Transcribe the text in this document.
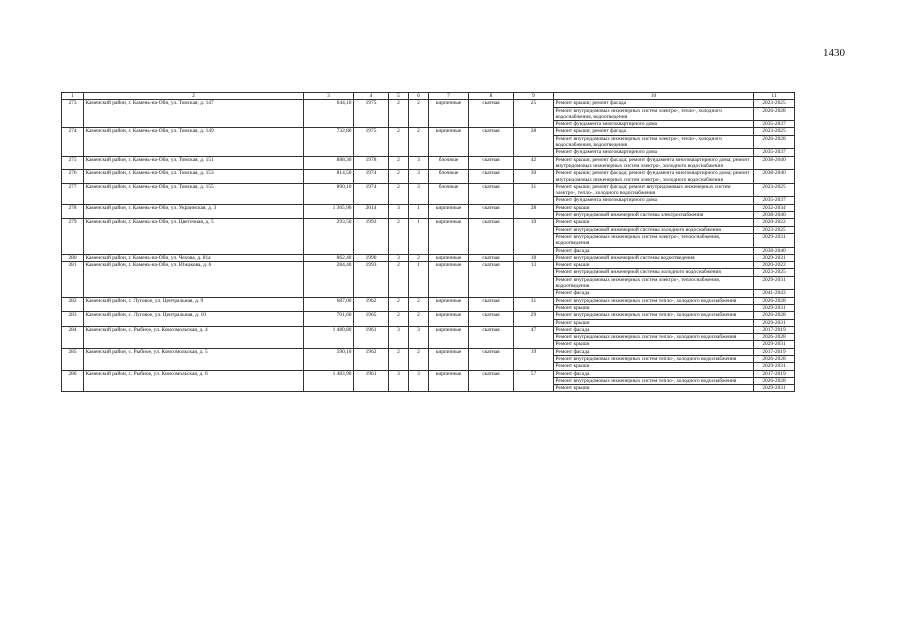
1430
1	2	3	4	5	6	7	8	9	10	11
273	Каменский район, г. Камень-на-Оби, ул. Томская, д. 147	644,10	1975	2	2	кирпичные	скатная	25	Ремонт крыши; ремонт фасада	2023-2025
									Ремонт внутридомовых инженерных систем электро-, тепло-, холодного водоснабжения, водоотведения	2026-2028
									Ремонт фундамента многоквартирного дома	2035-2037
274	Каменский район, г. Камень-на-Оби, ул. Томская, д. 149	732,80	1975	2	2	кирпичные	скатная	28	Ремонт крыши; ремонт фасада	2023-2025
									Ремонт внутридомовых инженерных систем электро-, тепло-, холодного водоснабжения, водоотведения	2026-2028
									Ремонт фундамента многоквартирного дома	2035-2037
275	Каменский район, г. Камень-на-Оби, ул. Томская, д. 151	888,30	1978	2	3	блочные	скатная	42	Ремонт крыши; ремонт фасада; ремонт фундамента многоквартирного дома; ремонт внутридомовых инженерных систем электро-, холодного водоснабжения	2038-2040
276	Каменский район, г. Камень-на-Оби, ул. Томская, д. 153	814,50	1974	2	3	блочные	скатная	30	Ремонт крыши; ремонт фасада; ремонт фундамента многоквартирного дома; ремонт внутридомовых инженерных систем электро-, холодного водоснабжения	2038-2040
277	Каменский район, г. Камень-на-Оби, ул. Томская, д. 155	890,10	1974	2	3	блочные	скатная	31	Ремонт крыши; ремонт фасада; ремонт внутридомовых инженерных систем электро-, тепло-, холодного водоснабжения	2023-2025
									Ремонт фундамента многоквартирного дома	2035-2037
278	Каменский район, г. Камень-на-Оби, ул. Украинская, д. 3	1 365,90	2014	3	1	кирпичные	скатная	28	Ремонт крыши	2032-2034
									Ремонт внутридомовой инженерной системы электроснабжения	2038-2040
279	Каменский район, г. Камень-на-Оби, ул. Цветочная, д. 5	293,50	1993	2	1	кирпичные	скатная	10	Ремонт крыши	2020-2022
									Ремонт внутридомовой инженерной системы холодного водоснабжения	2023-2025
									Ремонт внутридомовых инженерных систем электро-, теплоснабжения, водоотведения	2029-2031
									Ремонт фасада	2038-2040
280	Каменский район, г. Камень-на-Оби, ул. Чехова, д. 81а	862,40	1990	3	2	кирпичные	скатная	18	Ремонт внутридомовой инженерной системы водоотведения	2029-2031
281	Каменский район, г. Камень-на-Оби, ул. Южакова, д. 6	284,40	1993	2	1	кирпичные	скатная	13	Ремонт крыши	2020-2022
									Ремонт внутридомовой инженерной системы холодного водоснабжения	2023-2025
									Ремонт внутридомовых инженерных систем электро-, теплоснабжения, водоотведения	2029-2031
									Ремонт фасада	2041-2043
282	Каменский район, с. Луговое, ул. Центральная, д. 9	687,00	1962	2	2	кирпичные	скатная	31	Ремонт внутридомовых инженерных систем тепло-, холодного водоснабжения	2026-2028
									Ремонт крыши	2029-2031
283	Каменский район, с. Луговое, ул. Центральная, д. 10	701,60	1965	2	2	кирпичные	скатная	29	Ремонт внутридомовых инженерных систем тепло-, холодного водоснабжения	2026-2028
									Ремонт крыши	2029-2031
284	Каменский район, с. Рыбное, ул. Комсомольская, д. 4	1 480,80	1961	3	3	кирпичные	скатная	47	Ремонт фасада	2017-2019
									Ремонт внутридомовых инженерных систем тепло-, холодного водоснабжения	2026-2028
									Ремонт крыши	2029-2031
285	Каменский район, с. Рыбное, ул. Комсомольская, д. 5	590,10	1962	2	2	кирпичные	скатная	19	Ремонт фасада	2017-2019
									Ремонт внутридомовых инженерных систем тепло-, холодного водоснабжения	2026-2028
									Ремонт крыши	2029-2031
286	Каменский район, с. Рыбное, ул. Комсомольская, д. 6	1 483,90	1961	3	3	кирпичные	скатная	57	Ремонт фасада	2017-2019
									Ремонт внутридомовых инженерных систем тепло-, холодного водоснабжения	2026-2028
									Ремонт крыши	2029-2031
